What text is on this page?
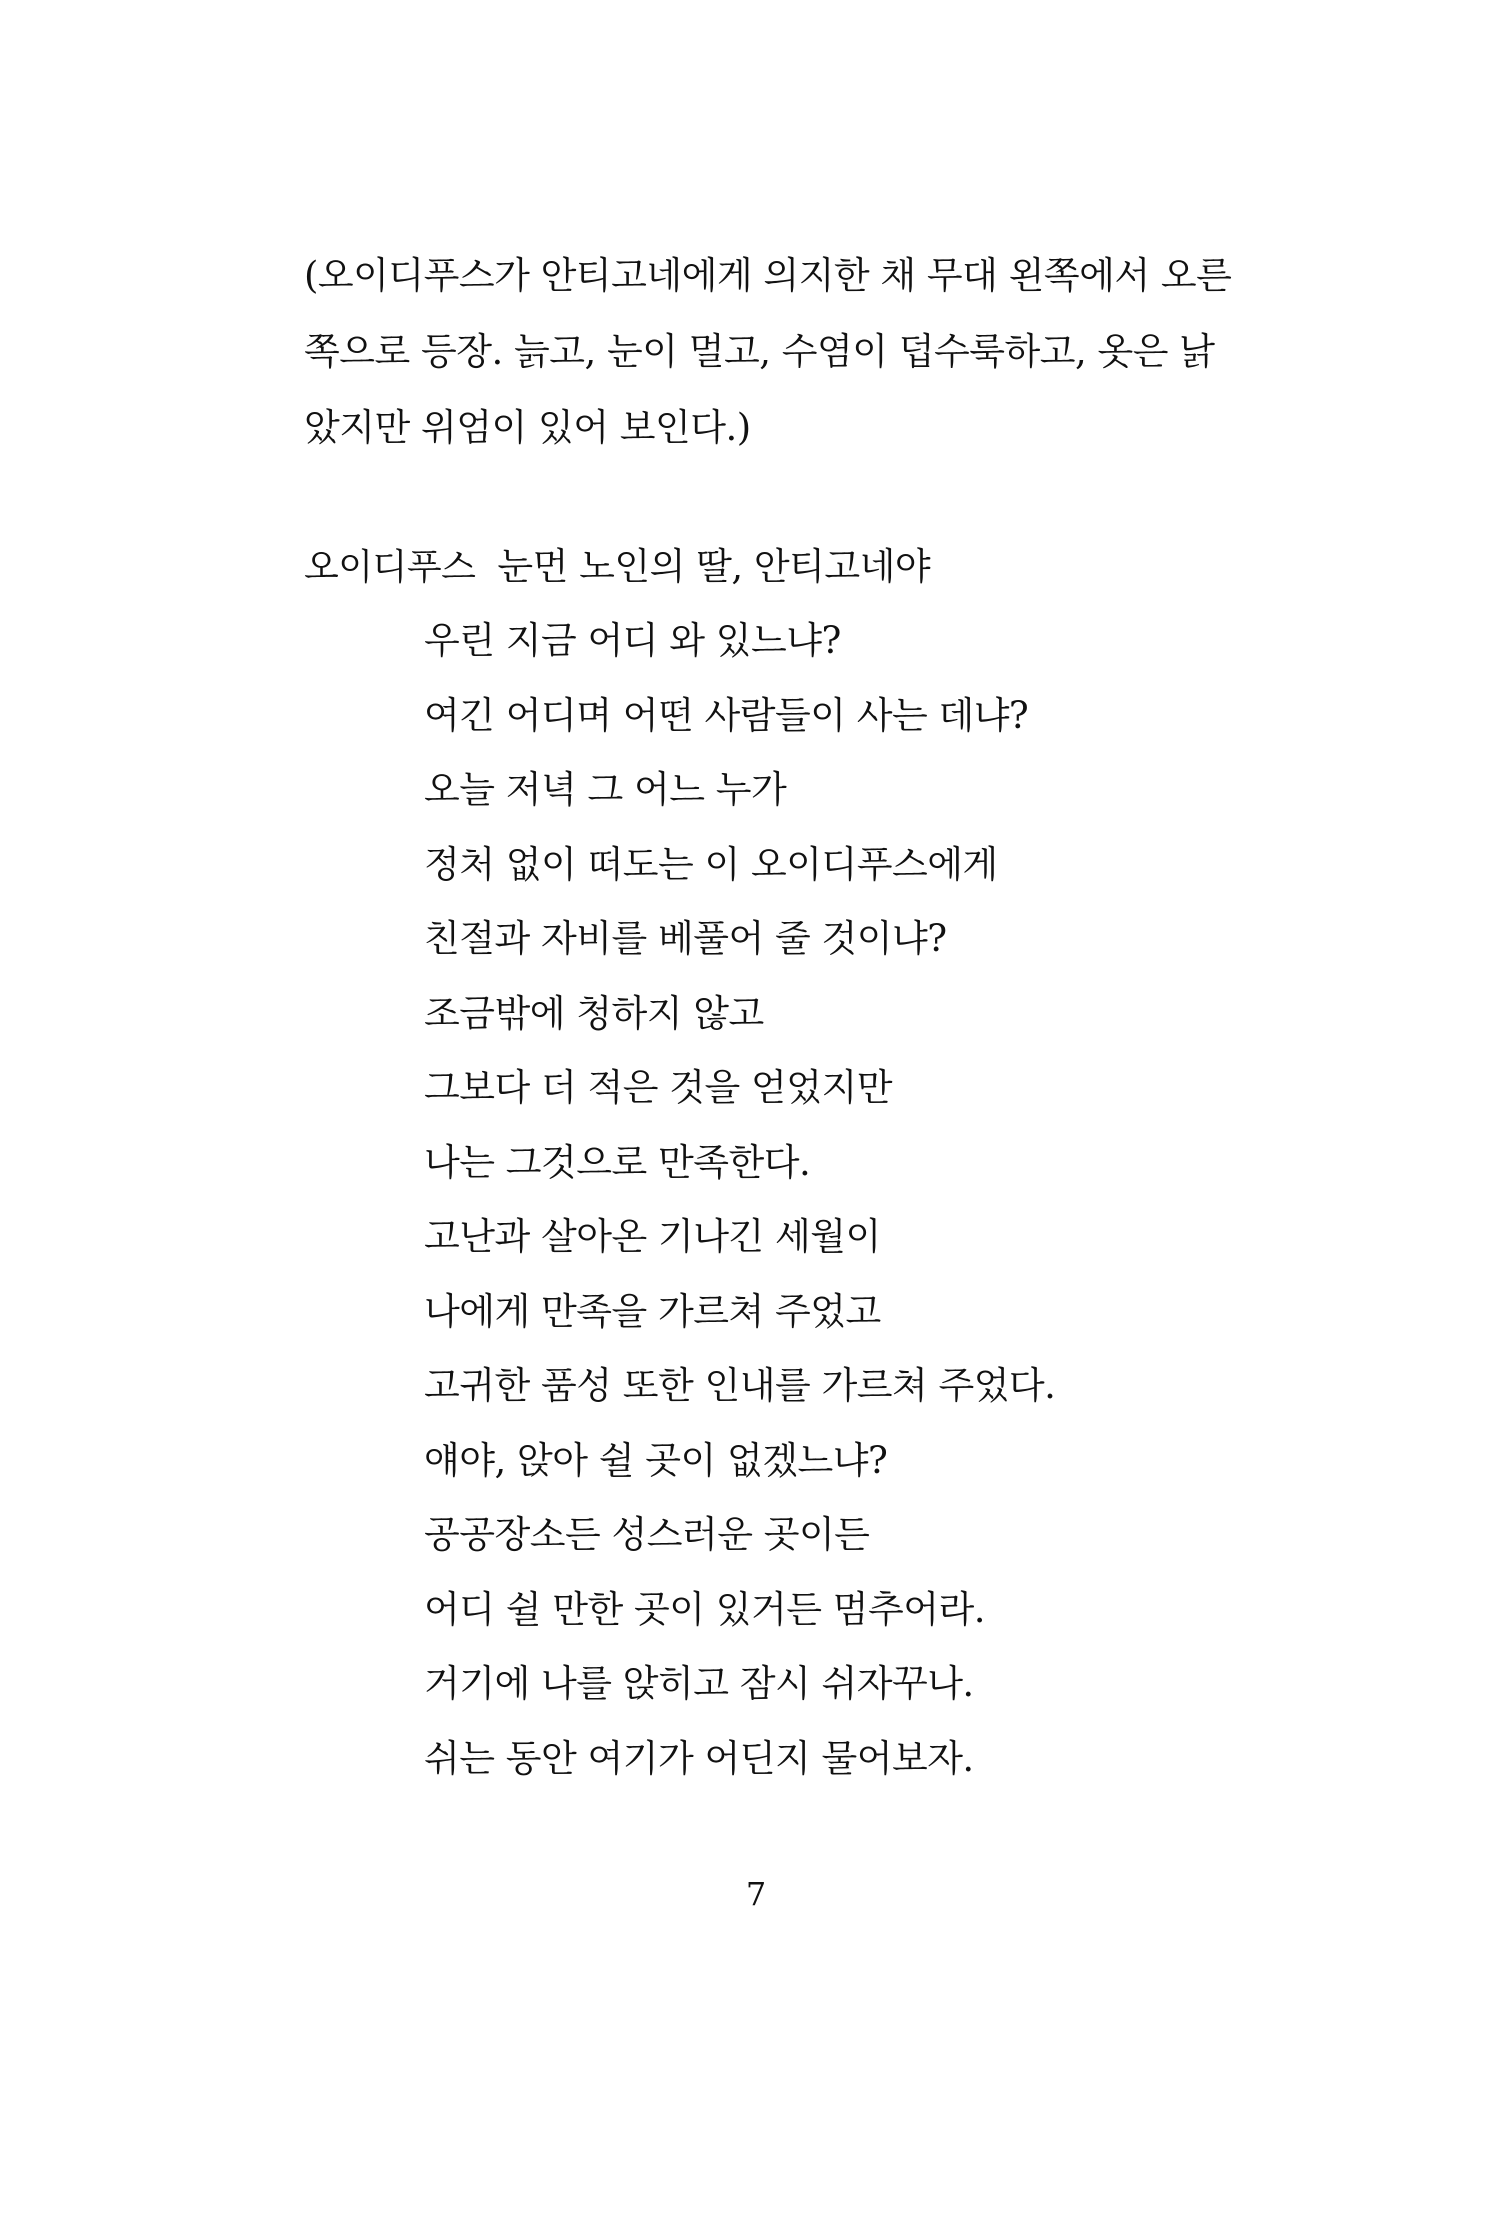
(오이디푸스가 안티고네에게 의지한 채 무대 왼쪽에서 오른

쪽으로 등장. 늙고, 눈이 멀고, 수염이 덥수룩하고, 옷은 낡

았지만 위엄이 있어 보인다.)

오이디푸스 눈먼 노인의 딸, 안티고네야
우린 지금 어디 와 있느냐?
여긴 어디며 어떤 사람들이 사는 데냐?
오늘 저녁 그 어느 누가
정처 없이 떠도는 이 오이디푸스에게
친절과 자비를 베풀어 줄 것이냐?
조금밖에 청하지 않고
그보다 더 적은 것을 얻었지만
나는 그것으로 만족한다.
고난과 살아온 기나긴 세월이
나에게 만족을 가르쳐 주었고
고귀한 품성 또한 인내를 가르쳐 주었다.
얘야, 앉아 쉴 곳이 없겠느냐?
공공장소든 성스러운 곳이든
어디 쉴 만한 곳이 있거든 멈추어라.
거기에 나를 앉히고 잠시 쉬자꾸나.
쉬는 동안 여기가 어딘지 물어보자.
7
